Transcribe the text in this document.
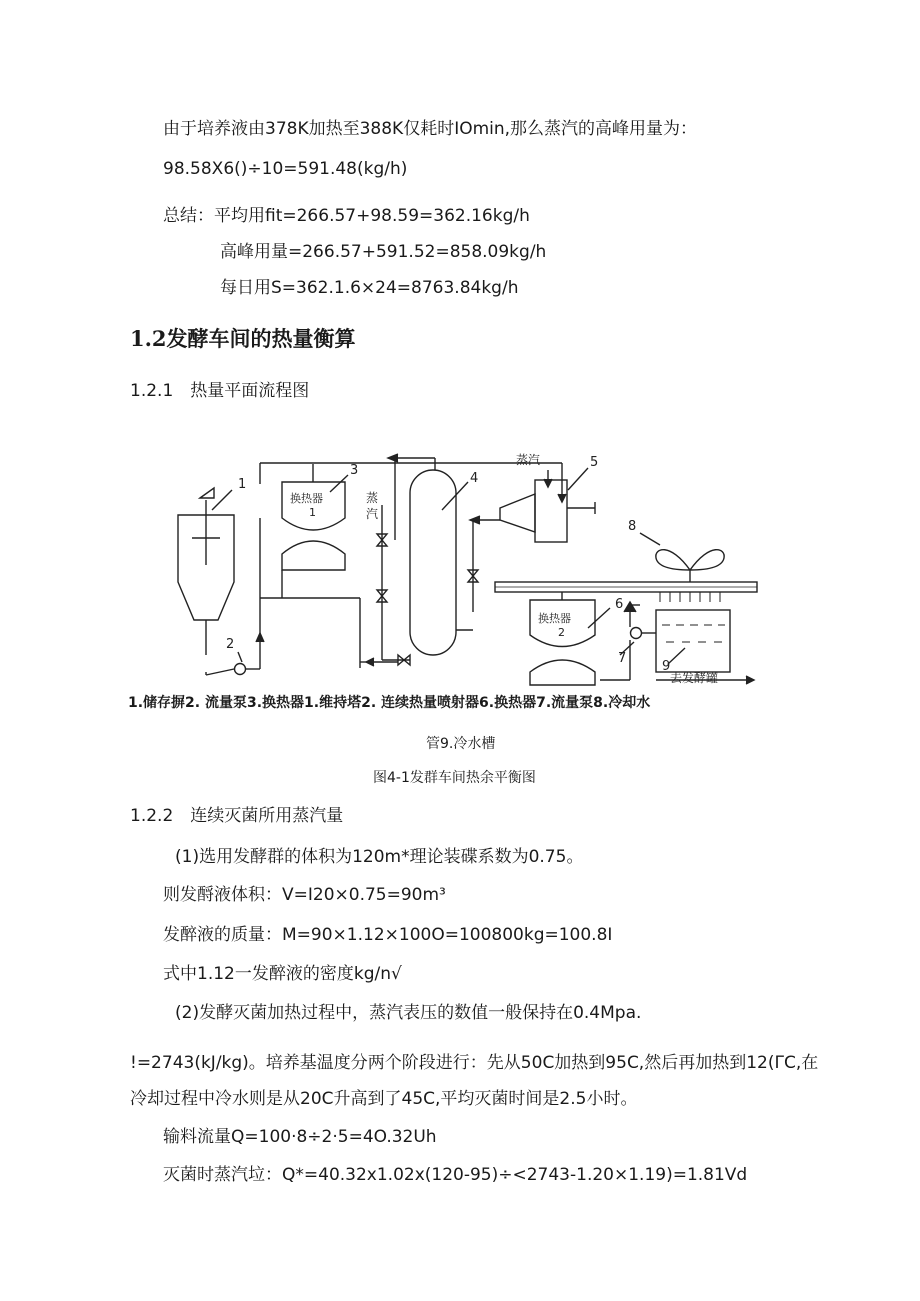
由于培养液由378K加热至388K仅耗时IOmin,那么蒸汽的高峰用量为：
98.58X6()÷10=591.48(kg/h)
总结：平均用fit=266.57+98.59=362.16kg/h
高峰用量=266.57+591.52=858.09kg/h
每日用S=362.1.6×24=8763.84kg/h
1.2发酵车间的热量衡算
1.2.1　热量平面流程图
1
2
3
4
5
6
7
8
9
换热器
1
换热器
2
蒸汽
蒸
汽
去发酵罐
1.储存摒2. 流量泵3.换热器1.维持塔2. 连续热量喷射器6.换热器7.流量泵8.冷却水
管9.冷水槽
图4-1发群车间热余平衡图
1.2.2　连续灭菌所用蒸汽量
(1)选用发酵群的体积为120m*理论装碟系数为0.75。
则发酹液体积：V=I20×0.75=90m³
发醉液的质量：M=90×1.12×100O=100800kg=100.8I
式中1.12一发醉液的密度kg/n√
(2)发酵灭菌加热过程中，蒸汽表压的数值一般保持在0.4Mpa.
!=2743(kJ/kg)。培养基温度分两个阶段进行：先从50C加热到95C,然后再加热到12(ΓC,在
冷却过程中冷水则是从20C升高到了45C,平均灭菌时间是2.5小时。
输料流量Q=100·8÷2·5=4O.32Uh
灭菌时蒸汽垃：Q*=40.32x1.02x(120-95)÷<2743-1.20×1.19)=1.81Vd
